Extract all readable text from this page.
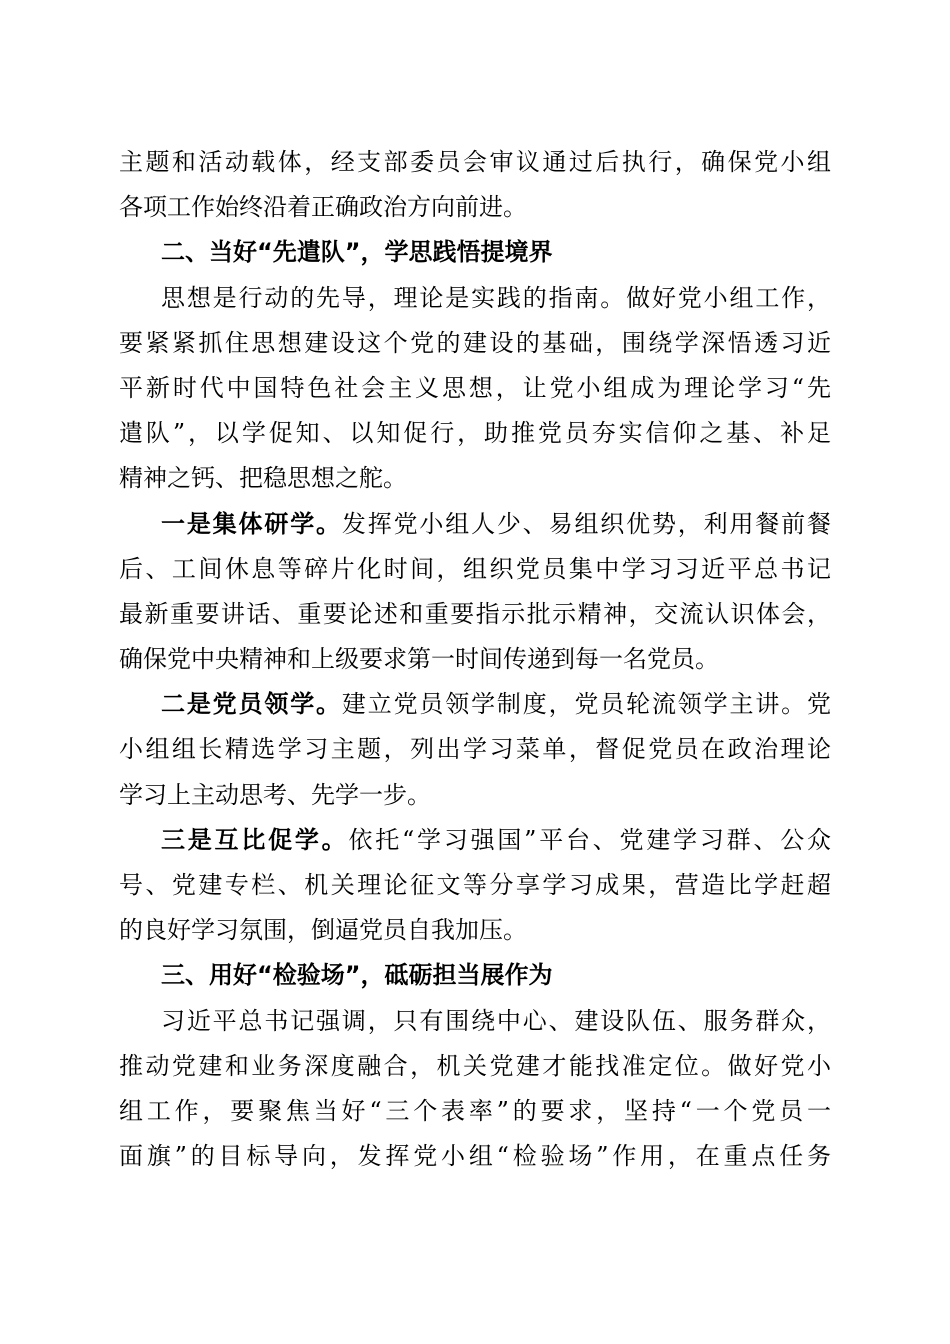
主题和活动载体，经支部委员会审议通过后执行，确保党小组
各项工作始终沿着正确政治方向前进。
二、当好“先遣队”，学思践悟提境界
思想是行动的先导，理论是实践的指南。做好党小组工作，
要紧紧抓住思想建设这个党的建设的基础，围绕学深悟透习近
平新时代中国特色社会主义思想，让党小组成为理论学习“先
遣队”，以学促知、以知促行，助推党员夯实信仰之基、补足
精神之钙、把稳思想之舵。
一是集体研学。发挥党小组人少、易组织优势，利用餐前餐
后、工间休息等碎片化时间，组织党员集中学习习近平总书记
最新重要讲话、重要论述和重要指示批示精神，交流认识体会，
确保党中央精神和上级要求第一时间传递到每一名党员。
二是党员领学。建立党员领学制度，党员轮流领学主讲。党
小组组长精选学习主题，列出学习菜单，督促党员在政治理论
学习上主动思考、先学一步。
三是互比促学。依托“学习强国”平台、党建学习群、公众
号、党建专栏、机关理论征文等分享学习成果，营造比学赶超
的良好学习氛围，倒逼党员自我加压。
三、用好“检验场”，砥砺担当展作为
习近平总书记强调，只有围绕中心、建设队伍、服务群众，
推动党建和业务深度融合，机关党建才能找准定位。做好党小
组工作，要聚焦当好“三个表率”的要求，坚持“一个党员一
面旗”的目标导向，发挥党小组“检验场”作用，在重点任务
